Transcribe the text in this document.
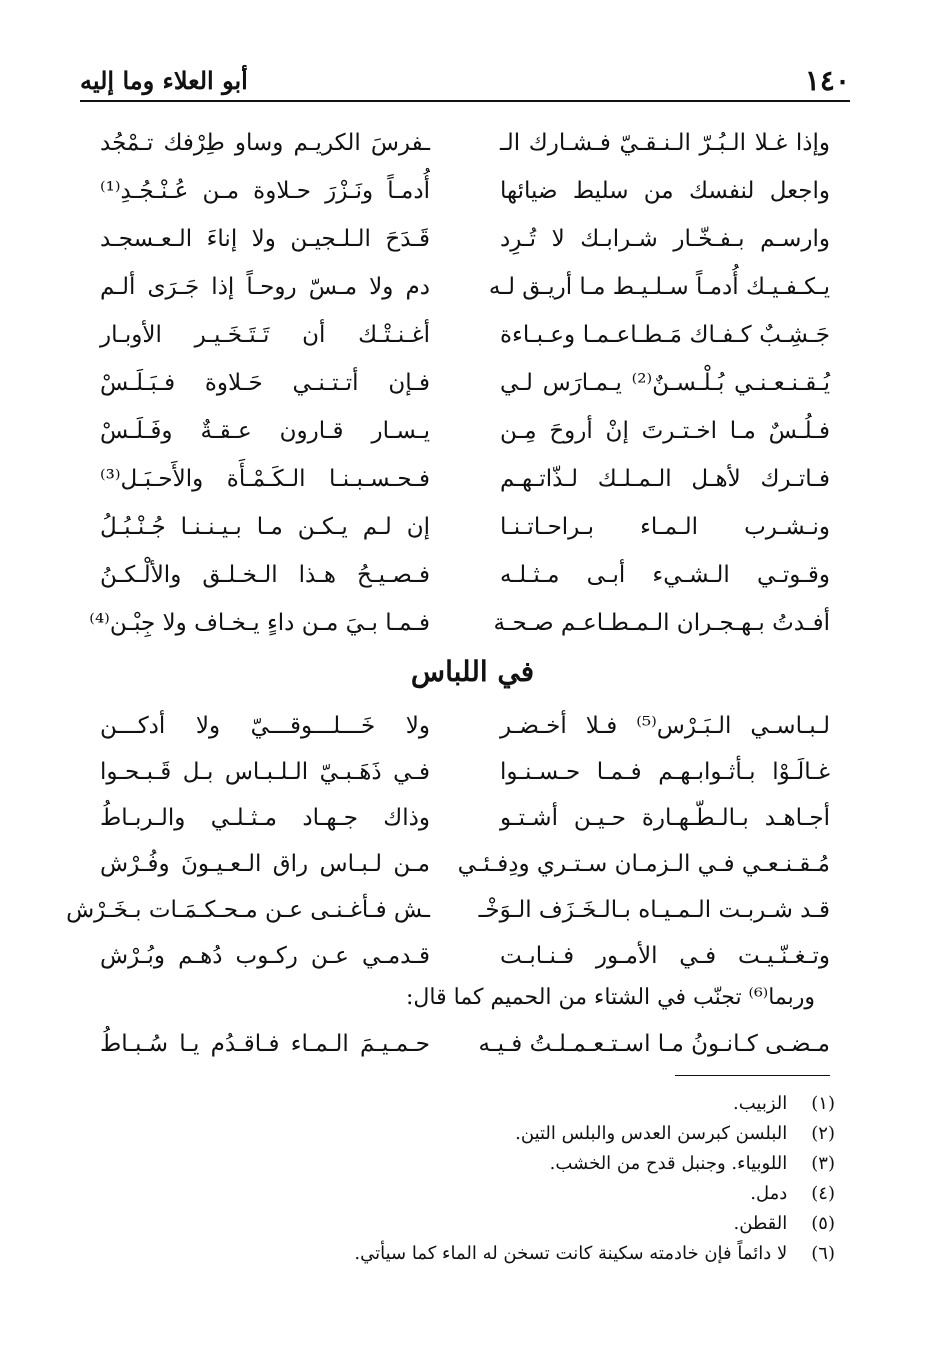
١٤٠
أبو العلاء وما إليه
وإذا غـلا الـبُـرّ الـنـقـيّ فـشـارك الـ
ـفرسَ الكريـم وساو طِرْفك تـمْجُد
واجعل لنفسك من سليط ضيائها
أُدمـاً ونَـزْرَ حـلاوة مـن عُـنْـجُـدِ⁽¹⁾
وارسـم بـفـخّـار شـرابـك لا تُـرِد
قَـدَحَ الـلـجيـن ولا إناءَ الـعـسجـد
يـكـفـيـك أُدمـاً سـلـيـط مـا أريـق لـه
دم ولا مـسّ روحـاً إذا جَـرَى ألـم
جَـشِـبٌ كـفـاك مَـطـاعـمـا وعـبـاءة
أغـنـتْـك أن تَـتَـخَـيـر الأوبـار
يُـقـنـعـنـي بُـلْـسـنٌ⁽²⁾ يـمـارَس لـي
فـإن أتـتـنـي حَـلاوة فـبَـلَـسْ
فـلُـسٌ مـا اخـتـرتَ إنْ أروحَ مِـن
يـسـار قـارون عـقـةٌ وفَـلَـسْ
فـاتـرك لأهـل الـمـلـك لـذّاتـهـم
فـحـسـبـنـا الـكَـمْـأَة والأَحـبَـل⁽³⁾
ونـشـرب الـمـاء بـراحـاتـنـا
إن لـم يـكـن مـا بـيـنـنـا جُـنْـبُـلُ
وقـوتـي الـشـيء أبـى مـثـلـه
فـصـيـحُ هـذا الـخـلـق والألْـكـنُ
أفـدتُ بـهـجـران الـمـطـاعـم صـحـة
فـمـا بـيَ مـن داءٍ يـخـاف ولا جِبْـن⁽⁴⁾
في اللباس
لـبـاسـي الـبَـرْس⁽⁵⁾ فـلا أخـضـر
ولا خَـــلـــوقـــيّ ولا أدكـــن
غـالَـوْا بـأثـوابـهـم فـمـا حـسـنـوا
فـي ذَهَـبـيّ الـلـبـاس بـل قَـبـحـوا
أجـاهـد بـالـطّـهـارة حـيـن أشـتـو
وذاك جـهـاد مـثـلـي والـربـاطُ
مُـقـنـعـي فـي الـزمـان سـتـري ودِفـئـي
مـن لـبـاس راق الـعـيـونَ وفُـرْش
قـد شـربـت الـمـيـاه بـالـخَـزَف الـوَخْـ
ـش فـأغـنـى عـن مـحـكـمَـات بـخَـرْش
وتـغـنّـيـت فـي الأمـور فـنـابـت
قـدمـي عـن ركـوب دُهـم وبُـرْش
وربما⁽⁶⁾ تجنّب في الشتاء من الحميم كما قال:
مـضـى كـانـونُ مـا اسـتـعـمـلـتُ فـيـه
حـمـيـمَ الـمـاء فـاقـدُم يـا سُـبـاطُ
(١) الزبيب.
(٢) البلسن كبرسن العدس والبلس التين.
(٣) اللوبياء. وجنبل قدح من الخشب.
(٤) دمل.
(٥) القطن.
(٦) لا دائماً فإن خادمته سكينة كانت تسخن له الماء كما سيأتي.
